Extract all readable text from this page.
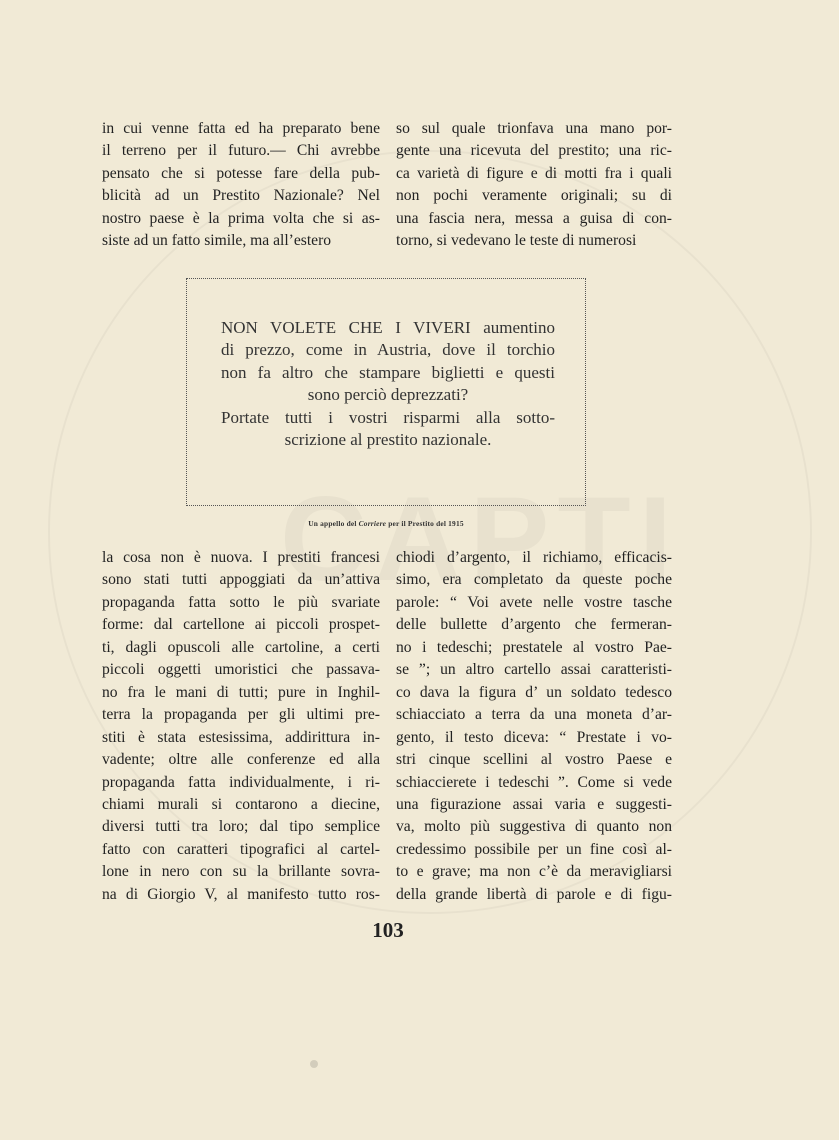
in cui venne fatta ed ha preparato bene
il terreno per il futuro.— Chi avrebbe
pensato che si potesse fare della pub-
blicità ad un Prestito Nazionale? Nel
nostro paese è la prima volta che si as-
siste ad un fatto simile, ma all’estero
so sul quale trionfava una mano por-
gente una ricevuta del prestito; una ric-
ca varietà di figure e di motti fra i quali
non pochi veramente originali; su di
una fascia nera, messa a guisa di con-
torno, si vedevano le teste di numerosi
NON VOLETE CHE I VIVERI aumentino
di prezzo, come in Austria, dove il torchio
non fa altro che stampare biglietti e questi
sono perciò deprezzati?
Portate tutti i vostri risparmi alla sotto-
scrizione al prestito nazionale.
Un appello del Corriere per il Prestito del 1915
la cosa non è nuova. I prestiti francesi
sono stati tutti appoggiati da un’attiva
propaganda fatta sotto le più svariate
forme: dal cartellone ai piccoli prospet-
ti, dagli opuscoli alle cartoline, a certi
piccoli oggetti umoristici che passava-
no fra le mani di tutti; pure in Inghil-
terra la propaganda per gli ultimi pre-
stiti è stata estesissima, addirittura in-
vadente; oltre alle conferenze ed alla
propaganda fatta individualmente, i ri-
chiami murali si contarono a diecine,
diversi tutti tra loro; dal tipo semplice
fatto con caratteri tipografici al cartel-
lone in nero con su la brillante sovra-
na di Giorgio V, al manifesto tutto ros-
chiodi d’argento, il richiamo, efficacis-
simo, era completato da queste poche
parole: “ Voi avete nelle vostre tasche
delle bullette d’argento che fermeran-
no i tedeschi; prestatele al vostro Pae-
se ”; un altro cartello assai caratteristi-
co dava la figura d’ un soldato tedesco
schiacciato a terra da una moneta d’ar-
gento, il testo diceva: “ Prestate i vo-
stri cinque scellini al vostro Paese e
schiaccierete i tedeschi ”. Come si vede
una figurazione assai varia e suggesti-
va, molto più suggestiva di quanto non
credessimo possibile per un fine così al-
to e grave; ma non c’è da meravigliarsi
della grande libertà di parole e di figu-
103
